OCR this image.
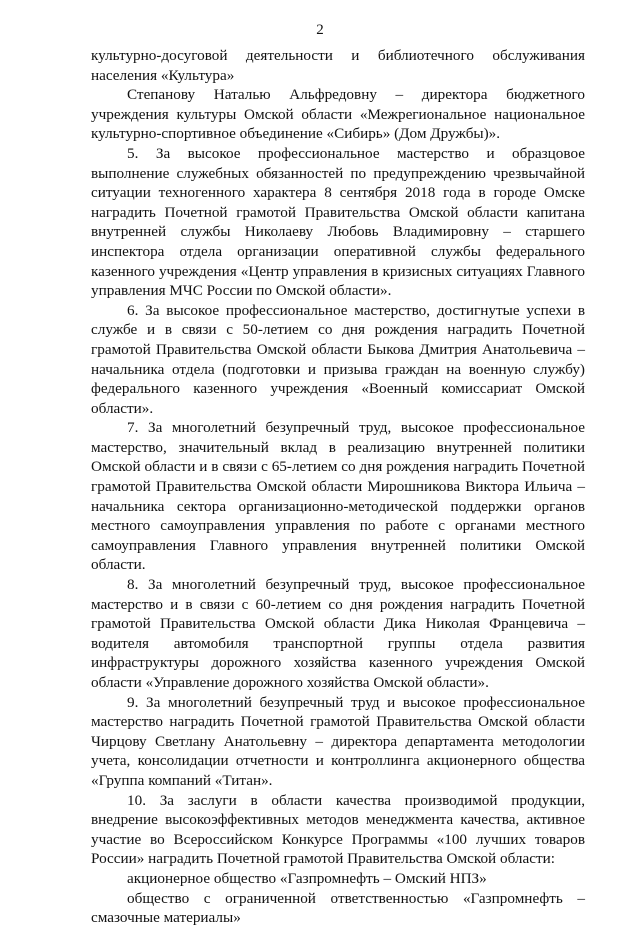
2

культурно-досуговой деятельности и библиотечного обслуживания населения «Культура»

Степанову Наталью Альфредовну – директора бюджетного учреждения культуры Омской области «Межрегиональное национальное культурно-спортивное объединение «Сибирь» (Дом Дружбы)».

5. За высокое профессиональное мастерство и образцовое выполнение служебных обязанностей по предупреждению чрезвычайной ситуации техногенного характера 8 сентября 2018 года в городе Омске наградить Почетной грамотой Правительства Омской области капитана внутренней службы Николаеву Любовь Владимировну – старшего инспектора отдела организации оперативной службы федерального казенного учреждения «Центр управления в кризисных ситуациях Главного управления МЧС России по Омской области».

6. За высокое профессиональное мастерство, достигнутые успехи в службе и в связи с 50-летием со дня рождения наградить Почетной грамотой Правительства Омской области Быкова Дмитрия Анатольевича – начальника отдела (подготовки и призыва граждан на военную службу) федерального казенного учреждения «Военный комиссариат Омской области».

7. За многолетний безупречный труд, высокое профессиональное мастерство, значительный вклад в реализацию внутренней политики Омской области и в связи с 65-летием со дня рождения наградить Почетной грамотой Правительства Омской области Мирошникова Виктора Ильича – начальника сектора организационно-методической поддержки органов местного самоуправления управления по работе с органами местного самоуправления Главного управления внутренней политики Омской области.

8. За многолетний безупречный труд, высокое профессиональное мастерство и в связи с 60-летием со дня рождения наградить Почетной грамотой Правительства Омской области Дика Николая Францевича – водителя автомобиля транспортной группы отдела развития инфраструктуры дорожного хозяйства казенного учреждения Омской области «Управление дорожного хозяйства Омской области».

9. За многолетний безупречный труд и высокое профессиональное мастерство наградить Почетной грамотой Правительства Омской области Чирцову Светлану Анатольевну – директора департамента методологии учета, консолидации отчетности и контроллинга акционерного общества «Группа компаний «Титан».

10. За заслуги в области качества производимой продукции, внедрение высокоэффективных методов менеджмента качества, активное участие во Всероссийском Конкурсе Программы «100 лучших товаров России» наградить Почетной грамотой Правительства Омской области:

акционерное общество «Газпромнефть – Омский НПЗ»

общество с ограниченной ответственностью «Газпромнефть – смазочные материалы»
